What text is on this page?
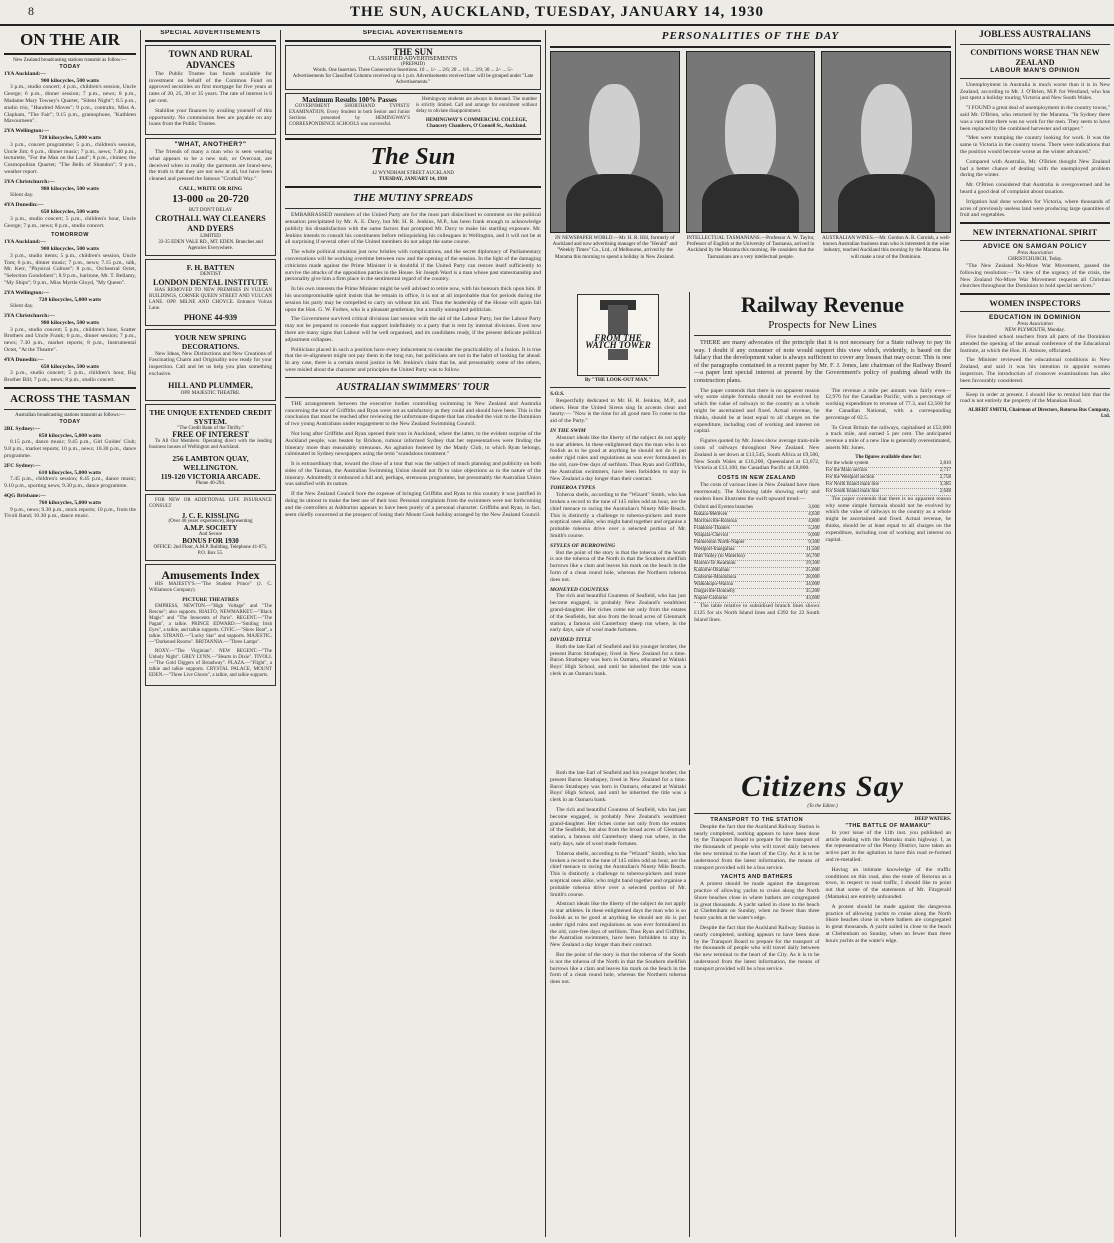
8	THE SUN, AUCKLAND, TUESDAY, JANUARY 14, 1930
ON THE AIR
New Zealand broadcasting stations transmit as follow:—
TODAY
1YA Auckland:—
900 kilocycles, 500 watts

3 p.m., studio concert; 4 p.m., children's session, Uncle George; 6 p.m., dinner session; 7 p.m., news; 8 p.m., Madame Mary Towsey's Quartet, "Silent Night"; 8.5 p.m., studio trio, "Hundred Moves"; 9 p.m., contralto, Miss A. Clapham, "The Fair"; 9.15 p.m., gramophone, "Kathleen Mavourneen".

2YA Wellington:—
720 kilocycles, 5,000 watts

3 p.m., concert programme; 5 p.m., children's session, Uncle Jim; 6 p.m., dinner music; 7 p.m., news; 7.40 p.m., lecturette, "For the Man on the Land"; 8 p.m., chimes; the Cosmopolitan Quartet; "The Bells of Shandon"; 9 p.m., weather report.

3YA Christchurch:—
980 kilocycles, 500 watts

Silent day.

4YA Dunedin:—
650 kilocycles, 500 watts

3 p.m., studio concert; 5 p.m., children's hour, Uncle George; 7 p.m., news; 8 p.m., studio concert.

TOMORROW
1YA Auckland:—
900 kilocycles, 500 watts

3 p.m., studio items; 5 p.m., children's session, Uncle Tom; 6 p.m., dinner music; 7 p.m., news; 7.15 p.m., talk, Mr. Kerr, "Physical Culture"; 8 p.m., Orchestral Octet, "Selection Gondoliers"; 8.9 p.m., baritone, Mr. T. Bellamy, "My Ships"; 9 p.m., Miss Myrtle Gloyd, "My Queen".

2YA Wellington:—
720 kilocycles, 5,000 watts

Silent day.

3YA Christchurch:—
980 kilocycles, 500 watts

3 p.m., studio concert; 5 p.m., children's hour, Scatter Brothers and Uncle Frank; 6 p.m., dinner session; 7 p.m., news; 7.30 p.m., market reports; 8 p.m., Instrumental Octet, "At the Theatre".

4YA Dunedin:—
650 kilocycles, 500 watts

3 p.m., studio concert; 5 p.m., children's hour, Big Brother Bill; 7 p.m., news; 8 p.m., studio concert.

ACROSS THE TASMAN
Australian broadcasting stations transmit as follows:—
TODAY
2BL Sydney:—
850 kilocycles, 5,000 watts

8.15 p.m., dance music; 9.45 p.m., Girl Guides' Club; 9.8 p.m., market reports; 10 p.m., news; 10.30 p.m., dance programme.

2FC Sydney:—
610 kilocycles, 5,000 watts

7.45 p.m., children's session; 8.45 p.m., dance music; 9.10 p.m., sporting news; 9.30 p.m., dance programme.

4QG Brisbane:—
760 kilocycles, 5,000 watts

9 p.m., news; 9.30 p.m., stock reports; 10 p.m., from the Tivoli Band; 10.30 p.m., dance music.

SPECIAL ADVERTISEMENTS
TOWN AND RURAL ADVANCES

The Public Trustee has funds available for investment on behalf of the Common Fund on approved securities on first mortgage for five years at rates of 20, 25, 30 or 35 years. The rate of interest is 6 per cent.

Stabilise your finances by availing yourself of this opportunity. No commission fees are payable on any loans from the Public Trustee.

"WHAT, ANOTHER?"

The friends of many a man who is seen wearing what appears to be a new suit, or Overcoat, are deceived when in reality the garments are brand-new, the truth is that they are not new at all, but have been cleaned and pressed the famous "Crothall Way."

CALL, WRITE OR RING
13-000 OR 20-720
BUT DON'T DELAY
CROTHALL WAY CLEANERS AND DYERS
LIMITED
33-35 EDEN VALE RD., MT. EDEN. Branches and Agencies Everywhere.
F. H. BATTEN
DENTIST
LONDON DENTAL INSTITUTE

HAS REMOVED TO NEW PREMISES IN VULCAN BUILDINGS, CORNER QUEEN STREET AND VULCAN LANE. OPP. MILNE AND CHOYCE. Entrance Vulcan Lane.

PHONE 44-939
YOUR NEW SPRING DECORATIONS.

New Ideas, New Distinctions and New Creations of Fascinating Charm and Originality now ready for your inspection. Call and let us help you plan something exclusive.

HILL AND PLUMMER,
OPP. MAJESTIC THEATRE.
THE UNIQUE EXTENDED CREDIT SYSTEM.
"The Credit Bank of the Thrifty."
FREE OF INTEREST

To All Our Members. Operating direct with the leading business houses of Wellington and Auckland.

256 LAMBTON QUAY, WELLINGTON.
119-120 VICTORIA ARCADE.
Phone 40-294.

FOR NEW OR ADDITIONAL LIFE INSURANCE CONSULT

J. C. E. KISSLING
(Over 40 years' experience), Representing
A.M.P. SOCIETY
And Secure
BONUS FOR 1930
OFFICE: 2nd Floor, A.M.P. Building. Telephone 41-071, P.O. Box 55.
Amusements Index

HIS MAJESTY'S.—"The Student Prince" (J. C. Williamson Company).

PICTURE THEATRES

EMPRESS, NEWTON.—"High Voltage" and "The Rescue"; also supports. RIALTO, NEWMARKET.—"Black Magic" and "The Innocents of Paris". REGENT.—"The Pagan", a talkie. PRINCE EDWARD.—"Smiling Irish Eyes", a talkie, and talkie supports. CIVIC.—"Show Boat", a talkie. STRAND.—"Lucky Star" and supports. MAJESTIC.—"Darkened Rooms". BRITANNIA.—"Three Lamps".

ROXY.—"The Virginian". NEW REGENT.—"The Unholy Night". GREY LYNN.—"Hearts in Dixie". TIVOLI.—"The Gold Diggers of Broadway". PLAZA.—"Flight", a talkie and talkie supports. CRYSTAL PALACE, MOUNT EDEN.—"Three Live Ghosts", a talkie, and talkie supports.

SPECIAL ADVERTISEMENTS
THE SUN
CLASSIFIED ADVERTISEMENTS
(PREPAID)
Words. One Insertion. Three Consecutive Insertions. 10 ... 1/- ... 2/6; 20 ... 1/6 ... 3/9; 30 ... 2/- ... 5/-
Advertisements for Classified Columns received up to 1 p.m. Advertisements received later will be grouped under "Late Advertisements."
Maximum Results 100% Passes

GOVERNMENT SHORTHAND TYPISTS' EXAMINATION. Every Student in both Senior and Junior Sections presented by HEMINGWAY'S CORRESPONDENCE SCHOOLS was successful.

Hemingway students are always in demand. The number is strictly limited. Call and arrange for enrolment without delay to obviate disappointment.

HEMINGWAY'S COMMERCIAL COLLEGE, Chancery Chambers, O'Connell St., Auckland.
The Sun
42 WYNDHAM STREET AUCKLAND
TUESDAY, JANUARY 14, 1930
THE MUTINY SPREADS

EMBARRASSED members of the United Party are for the most part disinclined to comment on the political sensation precipitated by Mr. A. E. Davy, but Mr. H. R. Jenkins, M.P., has been frank enough to acknowledge publicly his dissatisfaction with the same factors that prompted Mr. Davy to make his startling exposure. Mr. Jenkins intends to consult his constituents before relinquishing his colleagues in Wellington, and it will not be at all surprising if several other of the United members do not adopt the same course.

The whole political situation just now bristles with complications, and the secret diplomacy of Parliamentary conversations will be working overtime between now and the opening of the session. In the light of the damaging criticisms made against the Prime Minister it is doubtful if the United Party can restore itself sufficiently to survive the attacks of the opposition parties in the House. Sir Joseph Ward is a man whose past statesmanship and personality give him a firm place in the sentimental regard of the country.

In his own interests the Prime Minister might be well advised to retire now, with his honours thick upon him. If his uncompromisable spirit insists that he remain in office, it is not at all improbable that for periods during the session his party may be compelled to carry on without his aid. Thus the leadership of the House will again fall upon the Hon. G. W. Forbes, who is a pleasant gentleman, but a totally uninspired politician.

The Government survived critical divisions last session with the aid of the Labour Party, but the Labour Party may not be prepared to concede that support indefinitely to a party that is rent by internal divisions. Even now there are many signs that Labour will be well organised, and its candidates ready, if the present delicate political adjustment collapses.

Politicians placed in such a position have every inducement to consider the practicability of a fusion. It is true that the re-alignment might not pay them in the long run, but politicians are not in the habit of looking far ahead. In any case, there is a certain moral justice in Mr. Jenkins's claim that he, and presumably some of the others, were misled about the character and principles the United Party was to follow.

AUSTRALIAN SWIMMERS' TOUR

THE arrangements between the executive bodies controlling swimming in New Zealand and Australia concerning the tour of Griffiths and Ryan were not as satisfactory as they could and should have been. This is the conclusion that must be reached after reviewing the unfortunate dispute that has clouded the visit to the Dominion of two young Australians under engagement to the New Zealand Swimming Council.

Not long after Griffiths and Ryan opened their tour in Auckland, where the latter, to the evident surprise of the Auckland people, was beaten by Bridson, rumour informed Sydney that her representatives were finding the itinerary more than reasonably strenuous. An agitation fostered by the Manly Club, to which Ryan belongs, culminated in Sydney newspapers using the term "scandalous treatment."

It is extraordinary that, toward the close of a tour that was the subject of much planning and publicity on both sides of the Tasman, the Australian Swimming Union should not fit to raise objections as to the nature of the itinerary. Admittedly it embraced a full and, perhaps, strenuous programme, but presumably the Australian Union was satisfied with its nature.

If the New Zealand Council bore the expense of bringing Griffiths and Ryan to this country it was justified in doing its utmost to make the best use of their tour. Personal complaints from the swimmers were not forthcoming and the controllers at Ashburton appears to have been purely of a personal character. Griffiths and Ryan, in fact, seem chiefly concerned at the prospect of losing their Mount Cook holiday arranged by the New Zealand Council.

PERSONALITIES OF THE DAY
IN NEWSPAPER WORLD.—Mr. H. R. Hill, formerly of Auckland and now advertising manager of the "Herald" and "Weekly Times" Co., Ltd., of Melbourne, arrived by the Marama this morning to spend a holiday in New Zealand.
INTELLECTUAL TASMANIANS.—Professor A. W. Taylor, Professor of English at the University of Tasmania, arrived in Auckland by the Marama this morning. He considers that the Tasmanians are a very intellectual people.
AUSTRALIAN WINES.—Mr. Gordon A. R. Cornish, a well-known Australian business man who is interested in the wine industry, reached Auckland this morning by the Marama. He will make a tour of the Dominion.
FROM THE WATCH TOWER
By "THE LOOK-OUT MAN."
S.O.S.

Respectfully dedicated to Mr. H. R. Jenkins, M.P., and others. Hear the United Sirens sing In accents clear and hearty:— "Now is the time for all good men To come to the aid of the Party."

IN THE SWIM

Abstract ideals like the liberty of the subject do not apply to star athletes. In these enlightened days the man who is so foolish as to be good at anything he should not do is put under rigid rules and regulations as was ever formulated in the old, care-free days of serfdom. Thus Ryan and Griffiths, the Australian swimmers, have been forbidden to stay in New Zealand a day longer than their contract.

TOHEROA TYPES

Toheroa shells, according to the "Wizard" Smith, who has broken a record to the tune of 145 miles odd an hour, are the chief menace to racing the Australian's Ninety Mile Beach. This is distinctly a challenge to toheroa-pickers and more sceptical ones alike, who might band together and organise a probable toheroa drive over a selected portion of Mr. Smith's course.

STYLES OF BURROWING

But the point of the story is that the toheroa of the South is not the toheroa of the North in that the Southern shellfish burrows like a clam and leaves his mark on the beach in the form of a clean round hole, whereas the Northern toheroa does not.

MONEYED COUNTESS

The rich and beautiful Countess of Seafield, who has just become engaged, is probably New Zealand's wealthiest grand-daughter. Her riches come not only from the estates of the Seafields, but also from the broad acres of Glenmark station, a famous old Canterbury sheep run where, in the early days, sale of wool made fortunes.

DIVIDED TITLE

Both the late Earl of Seafield and his younger brother, the present Baron Strathspey, lived in New Zealand for a time. Baron Strathspey was born in Oamaru, educated at Waitaki Boys' High School, and until he inherited the title was a clerk in an Oamaru bank.

Both the late Earl of Seafield and his younger brother, the present Baron Strathspey, lived in New Zealand for a time. Baron Strathspey was born in Oamaru, educated at Waitaki Boys' High School, and until he inherited the title was a clerk in an Oamaru bank.

The rich and beautiful Countess of Seafield, who has just become engaged, is probably New Zealand's wealthiest grand-daughter. Her riches come not only from the estates of the Seafields, but also from the broad acres of Glenmark station, a famous old Canterbury sheep run where, in the early days, sale of wool made fortunes.

Toheroa shells, according to the "Wizard" Smith, who has broken a record to the tune of 145 miles odd an hour, are the chief menace to racing the Australian's Ninety Mile Beach. This is distinctly a challenge to toheroa-pickers and more sceptical ones alike, who might band together and organise a probable toheroa drive over a selected portion of Mr. Smith's course.

Abstract ideals like the liberty of the subject do not apply to star athletes. In these enlightened days the man who is so foolish as to be good at anything he should not do is put under rigid rules and regulations as was ever formulated in the old, care-free days of serfdom. Thus Ryan and Griffiths, the Australian swimmers, have been forbidden to stay in New Zealand a day longer than their contract.

But the point of the story is that the toheroa of the South is not the toheroa of the North in that the Southern shellfish burrows like a clam and leaves his mark on the beach in the form of a clean round hole, whereas the Northern toheroa does not.

Railway Revenue
Prospects for New Lines

THERE are many advocates of the principle that it is not necessary for a State railway to pay its way. I doubt if any consumer of note would support this view which, evidently, is based on the fallacy that the development value is always sufficient to cover any losses that may occur. This is one of the paragraphs contained in a recent paper by Mr. F. J. Jones, late chairman of the Railway Board—a paper lent special interest at present by the Government's policy of pushing ahead with its construction plans.

The paper contends that there is no apparent reason why some simple formula should not be evolved by which the value of railways to the country as a whole might be ascertained and fixed. Actual revenue, he thinks, should be at least equal to all charges on the expenditure, including cost of working and interest on capital.

Figures quoted by Mr. Jones show average train-mile costs of railways throughout New Zealand. New Zealand is set down at £13,545, South Africa at £9,500, New South Wales at £16,200, Queensland at £3,672, Victoria at £13,100, the Canadian Pacific at £8,800.

COSTS IN NEW ZEALAND

The costs of various lines in New Zealand have risen enormously. The following table showing early and modern lines illustrates the swift upward trend:—

Oxford and Eyreton branches	3,000
Rakaia-Methven	4,630
Morrinsville-Rotorua	4,800
Frankton-Thames	5,200
Waipara-Cheviot	9,000
Palmerston North-Napier	9,300
Westport-Inangahua	11,500
Hutt Valley (to Waterloo)	16,700
Marton-Te Awamutu	19,300
Kaikohe-Okaihau	25,000
Gisborne-Moutohora	28,000
Waikokopu-Wairoa	34,000
Dargaville-Donnelly	35,200
Napier-Gisborne	43,000

The table relative to subsidised branch lines shows £125 for six North Island lines and £392 for 22 South Island lines.

The revenue a mile per annum was fairly even—£2,976 for the Canadian Pacific, with a percentage of working expenditure to revenue of 77.3, and £2,568 for the Canadian National, with a corresponding percentage of 82.5.

To Great Britain the railways, capitalised at £52,000 a track mile, and earned 5 per cent. The anticipated revenue a mile of a new line is generally overestimated, asserts Mr. Jones.

The figures available show for:
For the whole system	2,810
For the Main section	2,717
For the Westport section	2,758
For North Island main line	3,385
For South Island main line	2,648

The paper contends that there is no apparent reason why some simple formula should not be evolved by which the value of railways to the country as a whole might be ascertained and fixed. Actual revenue, he thinks, should be at least equal to all charges on the expenditure, including cost of working and interest on capital.

Citizens Say
(To the Editor.)
TRANSPORT TO THE STATION

Despite the fact that the Auckland Railway Station is nearly completed, nothing appears to have been done by the Transport Board to prepare for the transport of the thousands of people who will travel daily between the new terminal to the heart of the City. As it is to be understood from the latest information, the means of transport provided will be a bus service.

YACHTS AND BATHERS

A protest should be made against the dangerous practice of allowing yachts to cruise along the North Shore beaches close in where bathers are congregated in great thousands. A yacht sailed in close to the beach at Cheltenham on Sunday, when no fewer than three hours yachts at the water's edge.

Despite the fact that the Auckland Railway Station is nearly completed, nothing appears to have been done by the Transport Board to prepare for the transport of the thousands of people who will travel daily between the new terminal to the heart of the City. As it is to be understood from the latest information, the means of transport provided will be a bus service.

DEEP WATERS.
"THE BATTLE OF MAMAKU"

In your issue of the 11th inst. you published an article dealing with the Mamaku main highway. I, as the representative of the Plenty District, have taken an active part in the agitation to have this road re-formed and re-metalled.

Having an intimate knowledge of the traffic conditions on this road, also the route of Rotorua as a town, in respect to road traffic, I should like to point out that some of the statements of Mr. Fitzgerald (Mamaku) are entirely unfounded.

A protest should be made against the dangerous practice of allowing yachts to cruise along the North Shore beaches close in where bathers are congregated in great thousands. A yacht sailed in close to the beach at Cheltenham on Sunday, when no fewer than three hours yachts at the water's edge.

JOBLESS AUSTRALIANS
CONDITIONS WORSE THAN NEW ZEALAND
LABOUR MAN'S OPINION

Unemployment in Australia is much worse than it is in New Zealand, according to Mr. J. O'Brien, M.P. for Westland, who has just spent a holiday touring Victoria and New South Wales.

"I FOUND a great deal of unemployment in the country towns," said Mr. O'Brien, who returned by the Marama. "In Sydney there was a vast time there was no work for the men. They seem to have been replaced by the combined harvester and stripper."

"Men were tramping the country looking for work. It was the same in Victoria in the country towns. There were indications that the position would become worse as the winter advanced."

Compared with Australia, Mr. O'Brien thought New Zealand had a better chance of dealing with the unemployed problem during the winter.

Mr. O'Brien considered that Australia is overgoverned and he heard a good deal of complaint about taxation.

Irrigation had done wonders for Victoria, where thousands of acres of previously useless land were producing large quantities of fruit and vegetables.

NEW INTERNATIONAL SPIRIT
ADVICE ON SAMOAN POLICY
Press Association
CHRISTCHURCH, Today.

"The New Zealand No-More War Movement, passed the following resolution:—"In view of the urgency of the crisis, the New Zealand No-More War Movement requests all Christian churches throughout the Dominion to hold special services."

WOMEN INSPECTORS
EDUCATION IN DOMINION
Press Association
NEW PLYMOUTH, Monday.

Five hundred school teachers from all parts of the Dominion attended the opening of the annual conference of the Educational Institute, at which the Hon. H. Atmore, officiated.

The Minister reviewed the educational conditions in New Zealand, and said it was his intention to appoint women inspectors. The introduction of crossover examinations has also been favourably considered.

Keep in order at present. I should like to remind him that the road is not entirely the property of the Manukau Road.

ALBERT SMITH, Chairman of Directors, Rotorua Bus Company, Ltd.
